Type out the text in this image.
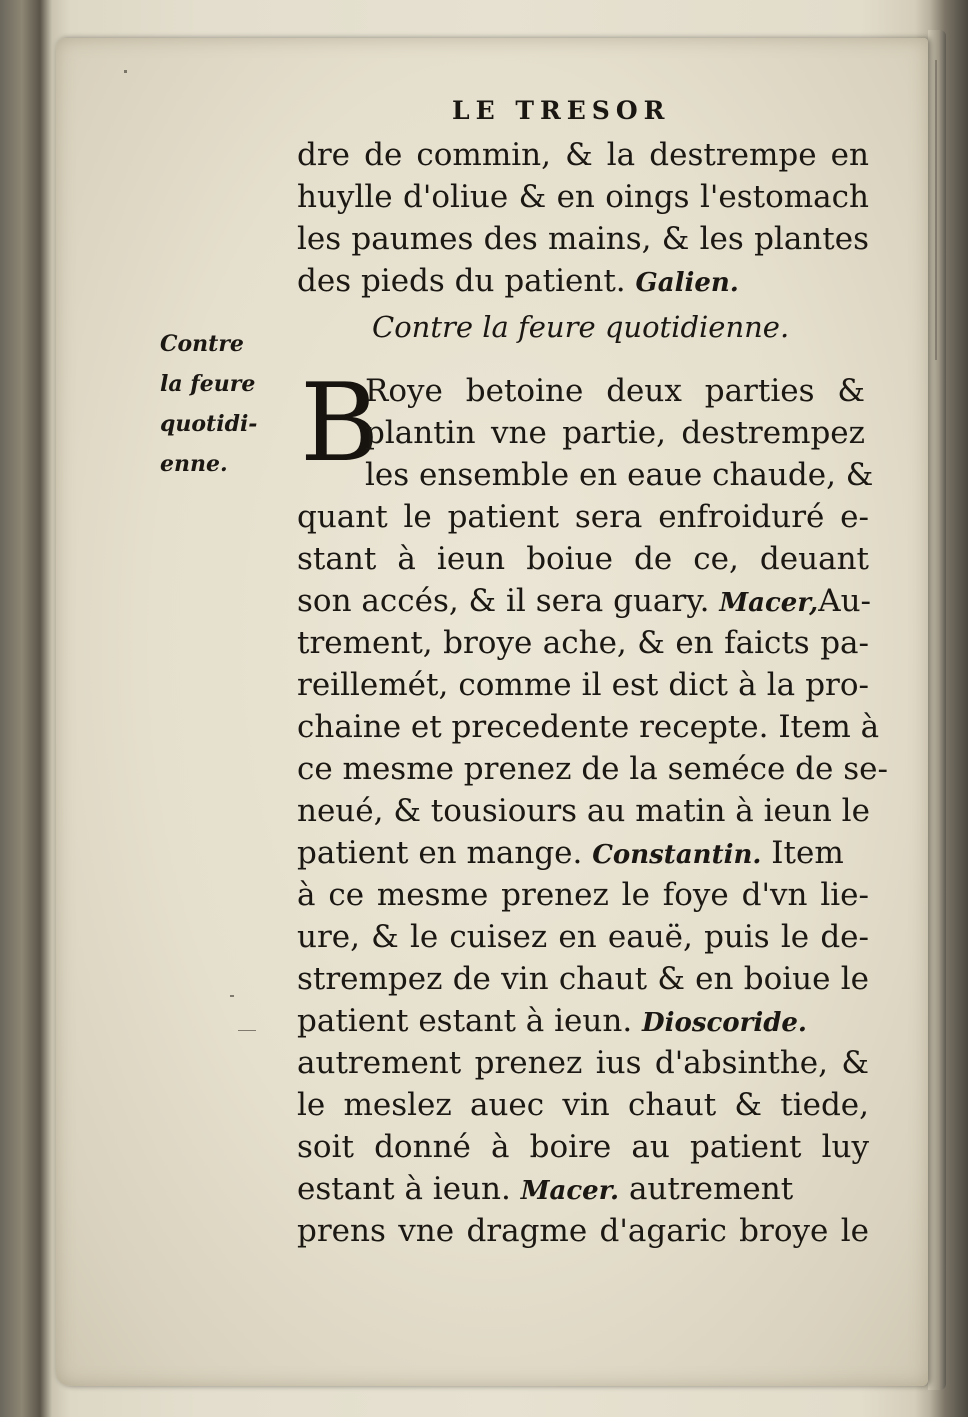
LE TRESOR
dre de commin, & la destrempe en
huylle d'oliue & en oings l'estomach
les paumes des mains, & les plantes
des pieds du patient. Galien.
Contre
la feure
quotidi-
enne.
Contre la feure quotidienne.
B
Roye betoine deux parties &
plantin vne partie, destrempez
les ensemble en eaue chaude, &
quant le patient sera enfroiduré e-
stant à ieun boiue de ce, deuant
son accés, & il sera guary. Macer,Au-
trement, broye ache, & en faicts pa-
reillemét, comme il est dict à la pro-
chaine et precedente recepte. Item à
ce mesme prenez de la seméce de se-
neué, & tousiours au matin à ieun le
patient en mange. Constantin. Item
à ce mesme prenez le foye d'vn lie-
ure, & le cuisez en eauë, puis le de-
strempez de vin chaut & en boiue le
patient estant à ieun. Dioscoride.
autrement prenez ius d'absinthe, &
le meslez auec vin chaut & tiede,
soit donné à boire au patient luy
estant à ieun. Macer. autrement
prens vne dragme d'agaric broye le
